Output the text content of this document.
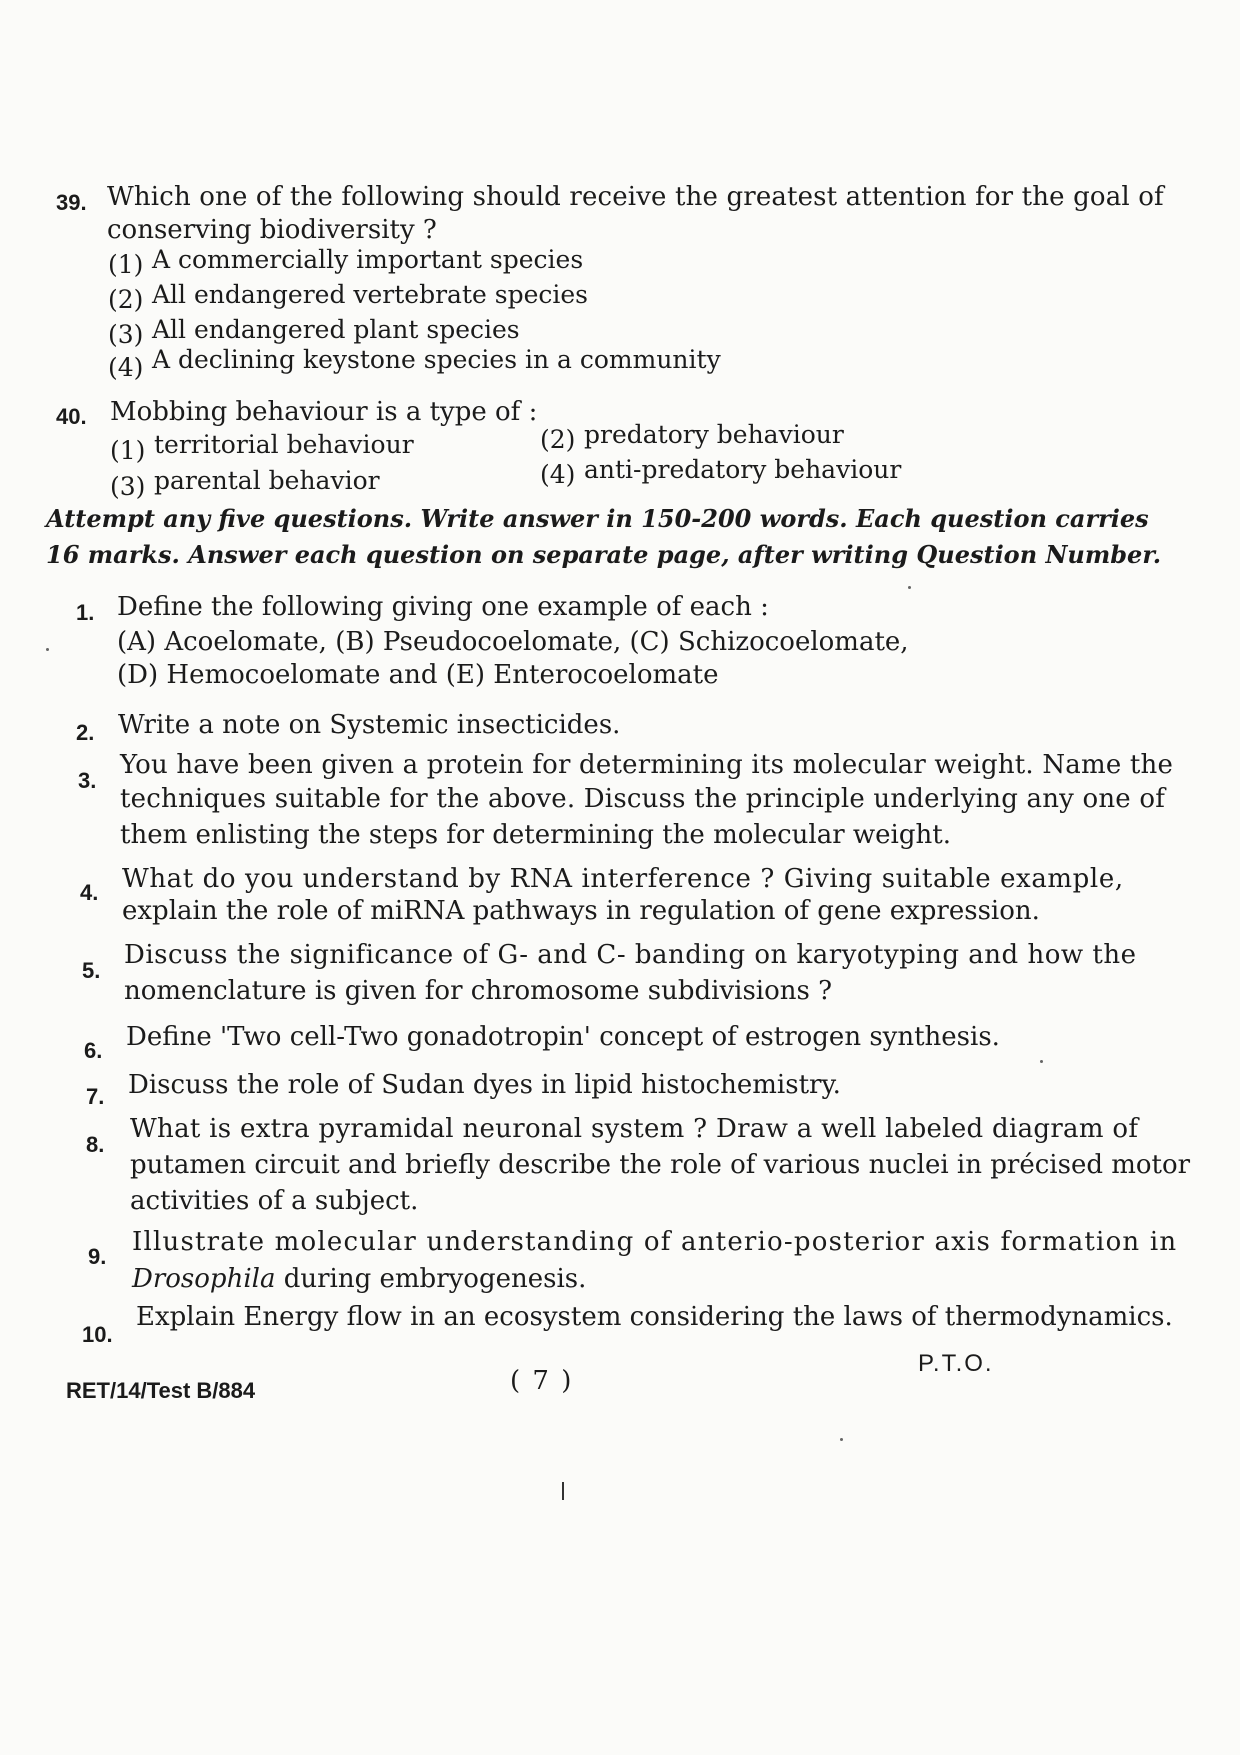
39. Which one of the following should receive the greatest attention for the goal of
conserving biodiversity ?
(1) A commercially important species
(2) All endangered vertebrate species
(3) All endangered plant species
(4) A declining keystone species in a community
40. Mobbing behaviour is a type of :
(1) territorial behaviour	(2) predatory behaviour
(3) parental behavior	(4) anti-predatory behaviour
Attempt any five questions. Write answer in 150-200 words. Each question carries
16 marks. Answer each question on separate page, after writing Question Number.
1. Define the following giving one example of each :
(A) Acoelomate, (B) Pseudocoelomate, (C) Schizocoelomate,
(D) Hemocoelomate and (E) Enterocoelomate
2. Write a note on Systemic insecticides.
3.
You have been given a protein for determining its molecular weight. Name the
techniques suitable for the above. Discuss the principle underlying any one of
them enlisting the steps for determining the molecular weight.
4. What do you understand by RNA interference ? Giving suitable example,
explain the role of miRNA pathways in regulation of gene expression.
5.
Discuss the significance of G- and C- banding on karyotyping and how the
nomenclature is given for chromosome subdivisions ?
6. Define 'Two cell-Two gonadotropin' concept of estrogen synthesis.
7. Discuss the role of Sudan dyes in lipid histochemistry.
8.
What is extra pyramidal neuronal system ? Draw a well labeled diagram of
putamen circuit and briefly describe the role of various nuclei in précised motor
activities of a subject.
9. Illustrate molecular understanding of anterio-posterior axis formation in
Drosophila during embryogenesis.
10.
Explain Energy flow in an ecosystem considering the laws of thermodynamics.
RET/14/Test B/884	( 7 )
P.T.O.
